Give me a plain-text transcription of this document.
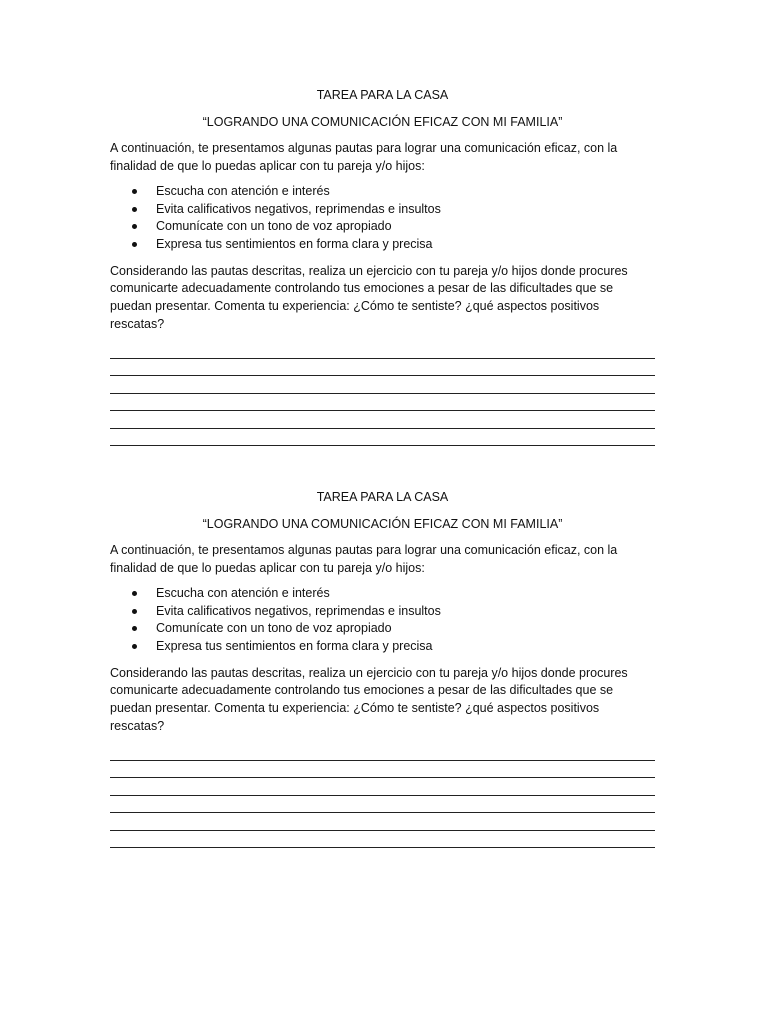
TAREA PARA LA CASA

“LOGRANDO UNA COMUNICACIÓN EFICAZ CON MI FAMILIA”

A continuación, te presentamos algunas pautas para lograr una comunicación eficaz, con la finalidad de que lo puedas aplicar con tu pareja y/o hijos:

Escucha con atención e interés
Evita calificativos negativos, reprimendas e insultos
Comunícate con un tono de voz apropiado
Expresa tus sentimientos en forma clara y precisa

Considerando las pautas descritas, realiza un ejercicio con tu pareja y/o hijos donde procures comunicarte adecuadamente controlando tus emociones a pesar de las dificultades que se puedan presentar. Comenta tu experiencia: ¿Cómo te sentiste? ¿qué aspectos positivos rescatas?

TAREA PARA LA CASA

“LOGRANDO UNA COMUNICACIÓN EFICAZ CON MI FAMILIA”

A continuación, te presentamos algunas pautas para lograr una comunicación eficaz, con la finalidad de que lo puedas aplicar con tu pareja y/o hijos:

Escucha con atención e interés
Evita calificativos negativos, reprimendas e insultos
Comunícate con un tono de voz apropiado
Expresa tus sentimientos en forma clara y precisa

Considerando las pautas descritas, realiza un ejercicio con tu pareja y/o hijos donde procures comunicarte adecuadamente controlando tus emociones a pesar de las dificultades que se puedan presentar. Comenta tu experiencia: ¿Cómo te sentiste? ¿qué aspectos positivos rescatas?
